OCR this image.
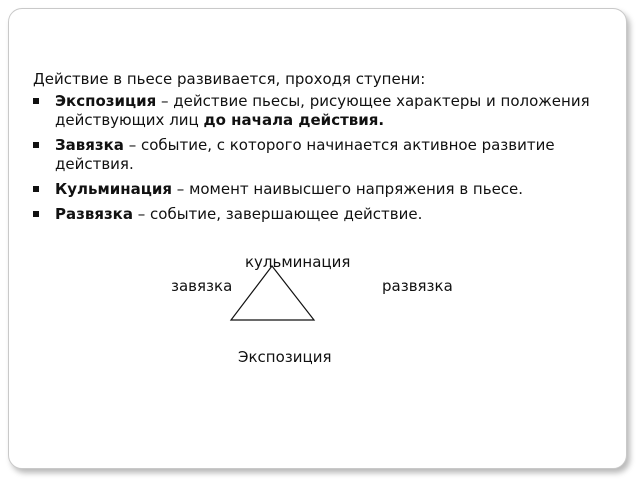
Действие в пьесе развивается, проходя ступени:
Экспозиция – действие пьесы, рисующее характеры и положения действующих лиц до начала действия.
Завязка – событие, с которого начинается активное развитие действия.
Кульминация – момент наивысшего напряжения в пьесе.
Развязка – событие, завершающее действие.
кульминация
завязка	развязка
Экспозиция
